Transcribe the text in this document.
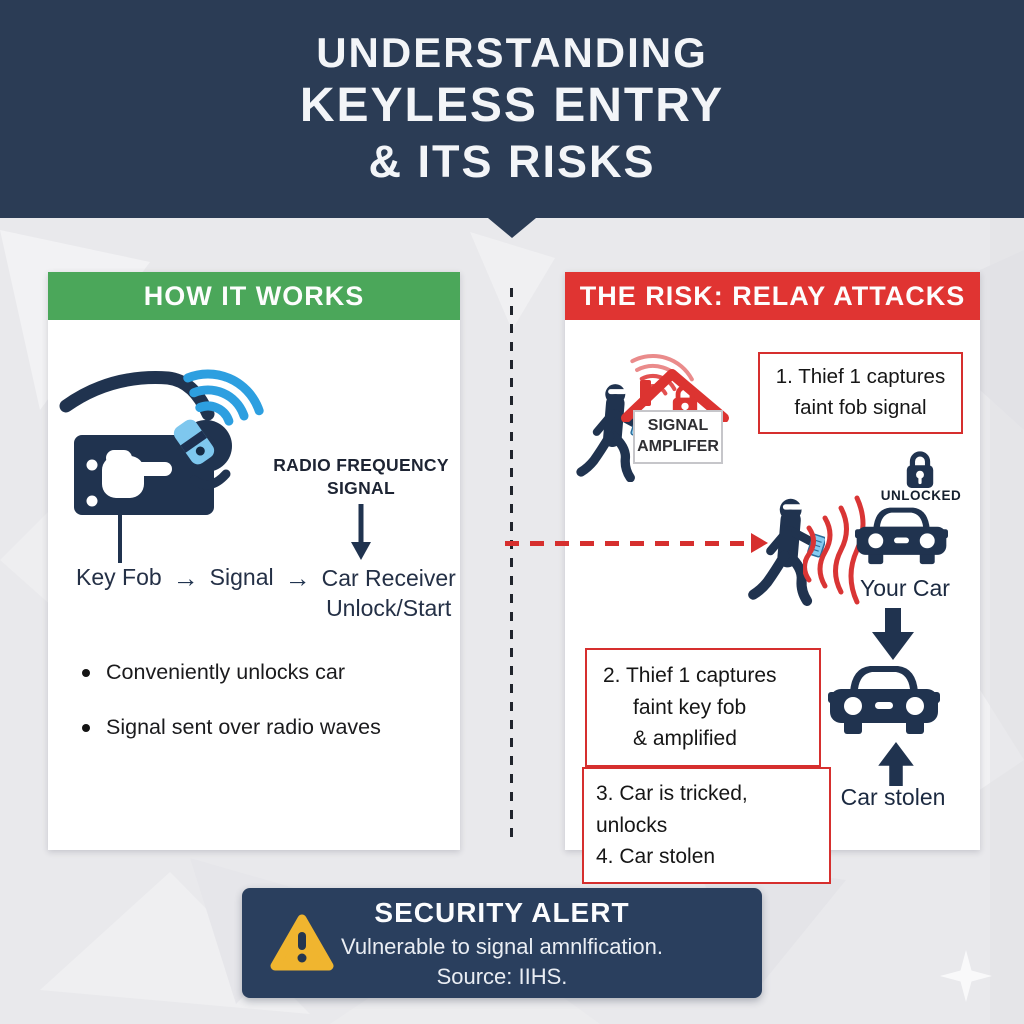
UNDERSTANDING
KEYLESS ENTRY
& ITS RISKS
HOW IT WORKS
RADIO FREQUENCY
SIGNAL
Key Fob → Signal → Car Receiver
Unlock/Start
Conveniently unlocks car
Signal sent over radio waves
THE RISK: RELAY ATTACKS
SIGNAL
AMPLIFER
1. Thief 1 captures
faint fob signal
UNLOCKED
Your Car
2. Thief 1 captures
faint key fob
& amplified
3. Car is tricked, unlocks
4. Car stolen
Car stolen
SECURITY ALERT
Vulnerable to signal amnlfication.
Source: IIHS.
